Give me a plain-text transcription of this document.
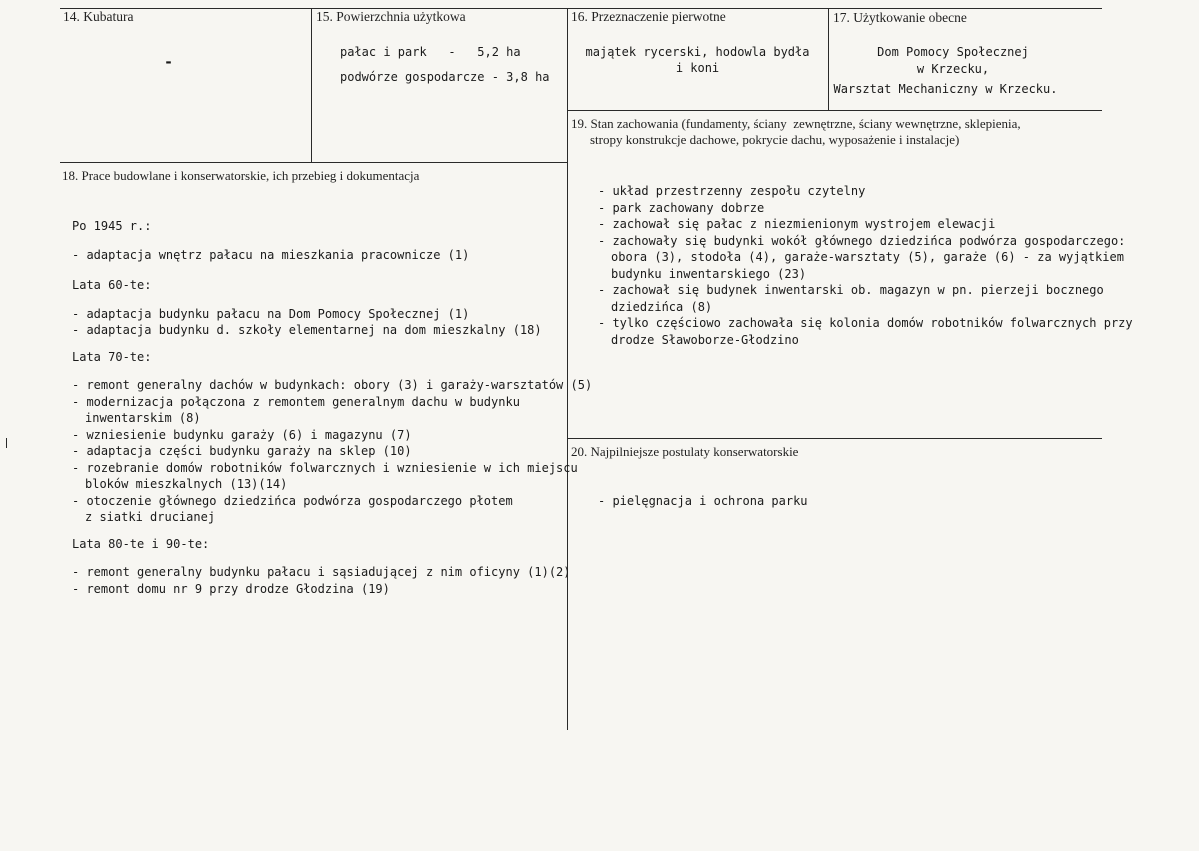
14. Kubatura
-
15. Powierzchnia użytkowa
pałac i park   -   5,2 ha
podwórze gospodarcze - 3,8 ha
16. Przeznaczenie pierwotne
majątek rycerski, hodowla bydła
i koni
17. Użytkowanie obecne
Dom Pomocy Społecznej
w Krzecku,
Warsztat Mechaniczny w Krzecku.
19. Stan zachowania (fundamenty, ściany  zewnętrzne, ściany wewnętrzne, sklepienia,
stropy konstrukcje dachowe, pokrycie dachu, wyposażenie i instalacje)
- układ przestrzenny zespołu czytelny
- park zachowany dobrze
- zachował się pałac z niezmienionym wystrojem elewacji
- zachowały się budynki wokół głównego dziedzińca podwórza gospodarczego:
obora (3), stodoła (4), garaże-warsztaty (5), garaże (6) - za wyjątkiem
budynku inwentarskiego (23)
- zachował się budynek inwentarski ob. magazyn w pn. pierzeji bocznego
dziedzińca (8)
- tylko częściowo zachowała się kolonia domów robotników folwarcznych przy
drodze Sławoborze-Głodzino
18. Prace budowlane i konserwatorskie, ich przebieg i dokumentacja
Po 1945 r.:
- adaptacja wnętrz pałacu na mieszkania pracownicze (1)
Lata 60-te:
- adaptacja budynku pałacu na Dom Pomocy Społecznej (1)
- adaptacja budynku d. szkoły elementarnej na dom mieszkalny (18)
Lata 70-te:
- remont generalny dachów w budynkach: obory (3) i garaży-warsztatów (5)
- modernizacja połączona z remontem generalnym dachu w budynku
inwentarskim (8)
- wzniesienie budynku garaży (6) i magazynu (7)
- adaptacja części budynku garaży na sklep (10)
- rozebranie domów robotników folwarcznych i wzniesienie w ich miejscu
bloków mieszkalnych (13)(14)
- otoczenie głównego dziedzińca podwórza gospodarczego płotem
z siatki drucianej
Lata 80-te i 90-te:
- remont generalny budynku pałacu i sąsiadującej z nim oficyny (1)(2)
- remont domu nr 9 przy drodze Głodzina (19)
20. Najpilniejsze postulaty konserwatorskie
- pielęgnacja i ochrona parku
